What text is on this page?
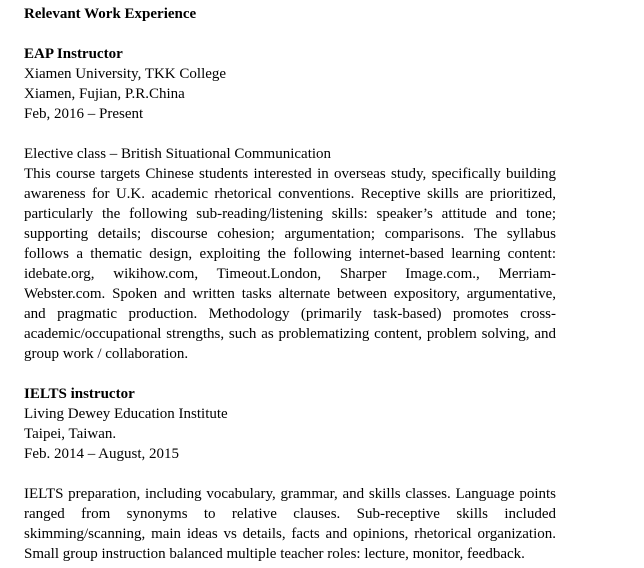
Relevant Work Experience
EAP Instructor
Xiamen University, TKK College
Xiamen, Fujian, P.R.China
Feb, 2016 – Present
Elective class – British Situational Communication
This course targets Chinese students interested in overseas study, specifically building
awareness for U.K. academic rhetorical conventions. Receptive skills are prioritized,
particularly the following sub-reading/listening skills: speaker’s attitude and tone;
supporting details; discourse cohesion; argumentation; comparisons. The syllabus
follows a thematic design, exploiting the following internet-based learning content:
idebate.org, wikihow.com, Timeout.London, Sharper Image.com., Merriam-
Webster.com. Spoken and written tasks alternate between expository, argumentative,
and pragmatic production. Methodology (primarily task-based) promotes cross-
academic/occupational strengths, such as problematizing content, problem solving, and
group work / collaboration.
IELTS instructor
Living Dewey Education Institute
Taipei, Taiwan.
Feb. 2014 – August, 2015
IELTS preparation, including vocabulary, grammar, and skills classes. Language points
ranged from synonyms to relative clauses. Sub-receptive skills included
skimming/scanning, main ideas vs details, facts and opinions, rhetorical organization.
Small group instruction balanced multiple teacher roles: lecture, monitor, feedback.
